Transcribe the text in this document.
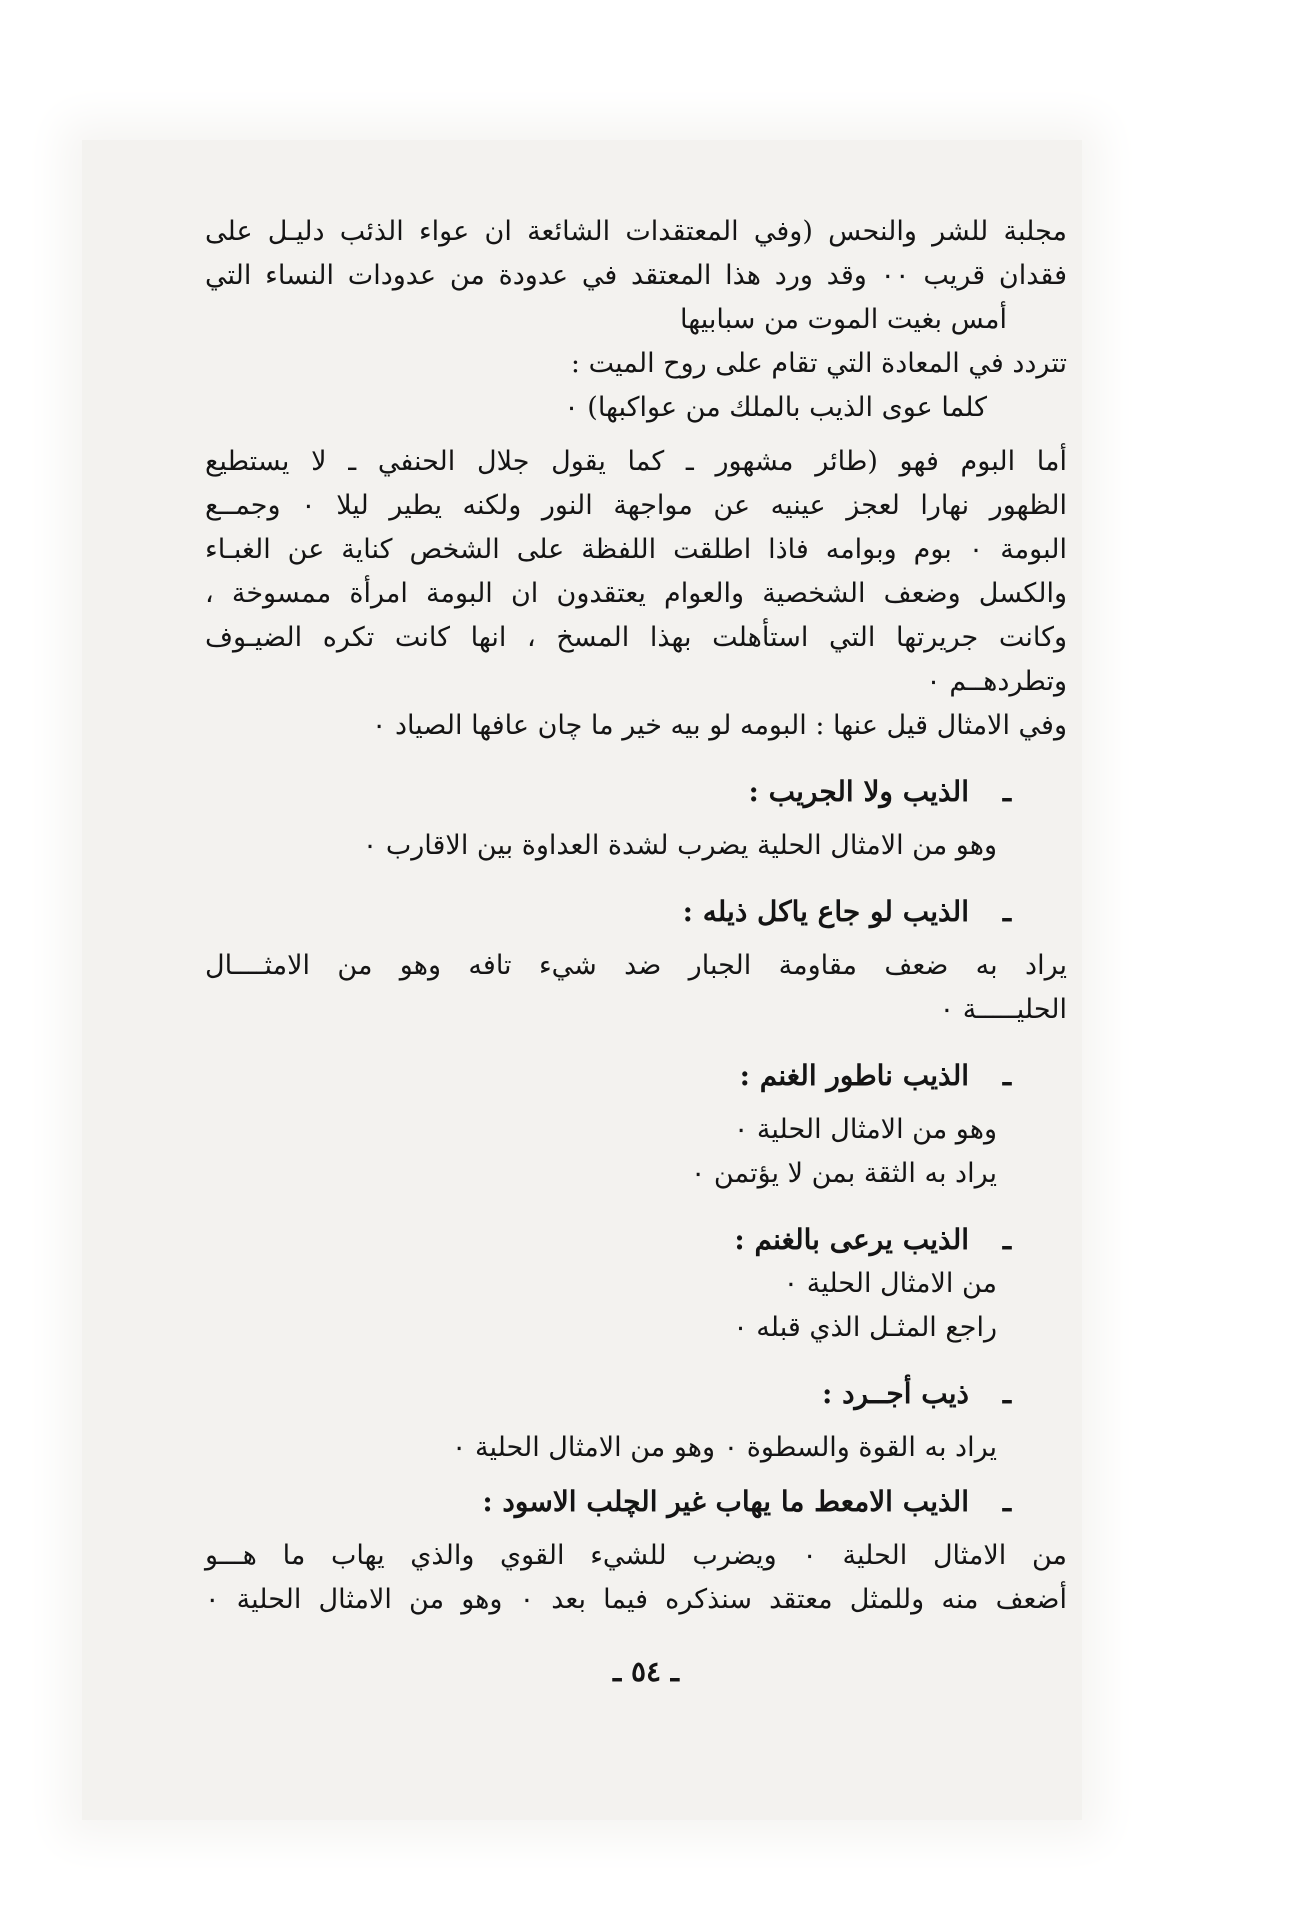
مجلبة للشر والنحس (وفي المعتقدات الشائعة ان عواء الذئب دليـل على
فقدان قريب ٠٠ وقد ورد هذا المعتقد في عدودة من عدودات النساء التي
أمس بغيت الموت من سبابيها
تتردد في المعادة التي تقام على روح الميت :
كلما عوى الذيب بالملك من عواكبها) ٠
أما البوم فهو (طائر مشهور ـ كما يقول جلال الحنفي ـ لا يستطيع
الظهور نهارا لعجز عينيه عن مواجهة النور ولكنه يطير ليلا ٠ وجمــع
البومة ٠ بوم وبوامه فاذا اطلقت اللفظة على الشخص كناية عن الغبـاء
والكسل وضعف الشخصية والعوام يعتقدون ان البومة امرأة ممسوخة ،
وكانت جريرتها التي استأهلت بهذا المسخ ، انها كانت تكره الضيـوف
وتطردهــم ٠
وفي الامثال قيل عنها : البومه لو بيه خير ما چان عافها الصياد ٠
ـ
الذيب ولا الجريب :
وهو من الامثال الحلية يضرب لشدة العداوة بين الاقارب ٠
ـ
الذيب لو جاع ياكل ذيله :
يراد به ضعف مقاومة الجبار ضد شيء تافه وهو من الامثــــال
الحليـــــة ٠
ـ
الذيب ناطور الغنم :
وهو من الامثال الحلية ٠
يراد به الثقة بمن لا يؤتمن ٠
ـ
الذيب يرعى بالغنم :
من الامثال الحلية ٠
راجع المثـل الذي قبله ٠
ـ
ذيب أجــرد :
يراد به القوة والسطوة ٠ وهو من الامثال الحلية ٠
ـ
الذيب الامعط ما يهاب غير الچلب الاسود :
من الامثال الحلية ٠ ويضرب للشيء القوي والذي يهاب ما هـــو
أضعف منه وللمثل معتقد سنذكره فيما بعد ٠ وهو من الامثال الحلية ٠
ـ ٥٤ ـ
